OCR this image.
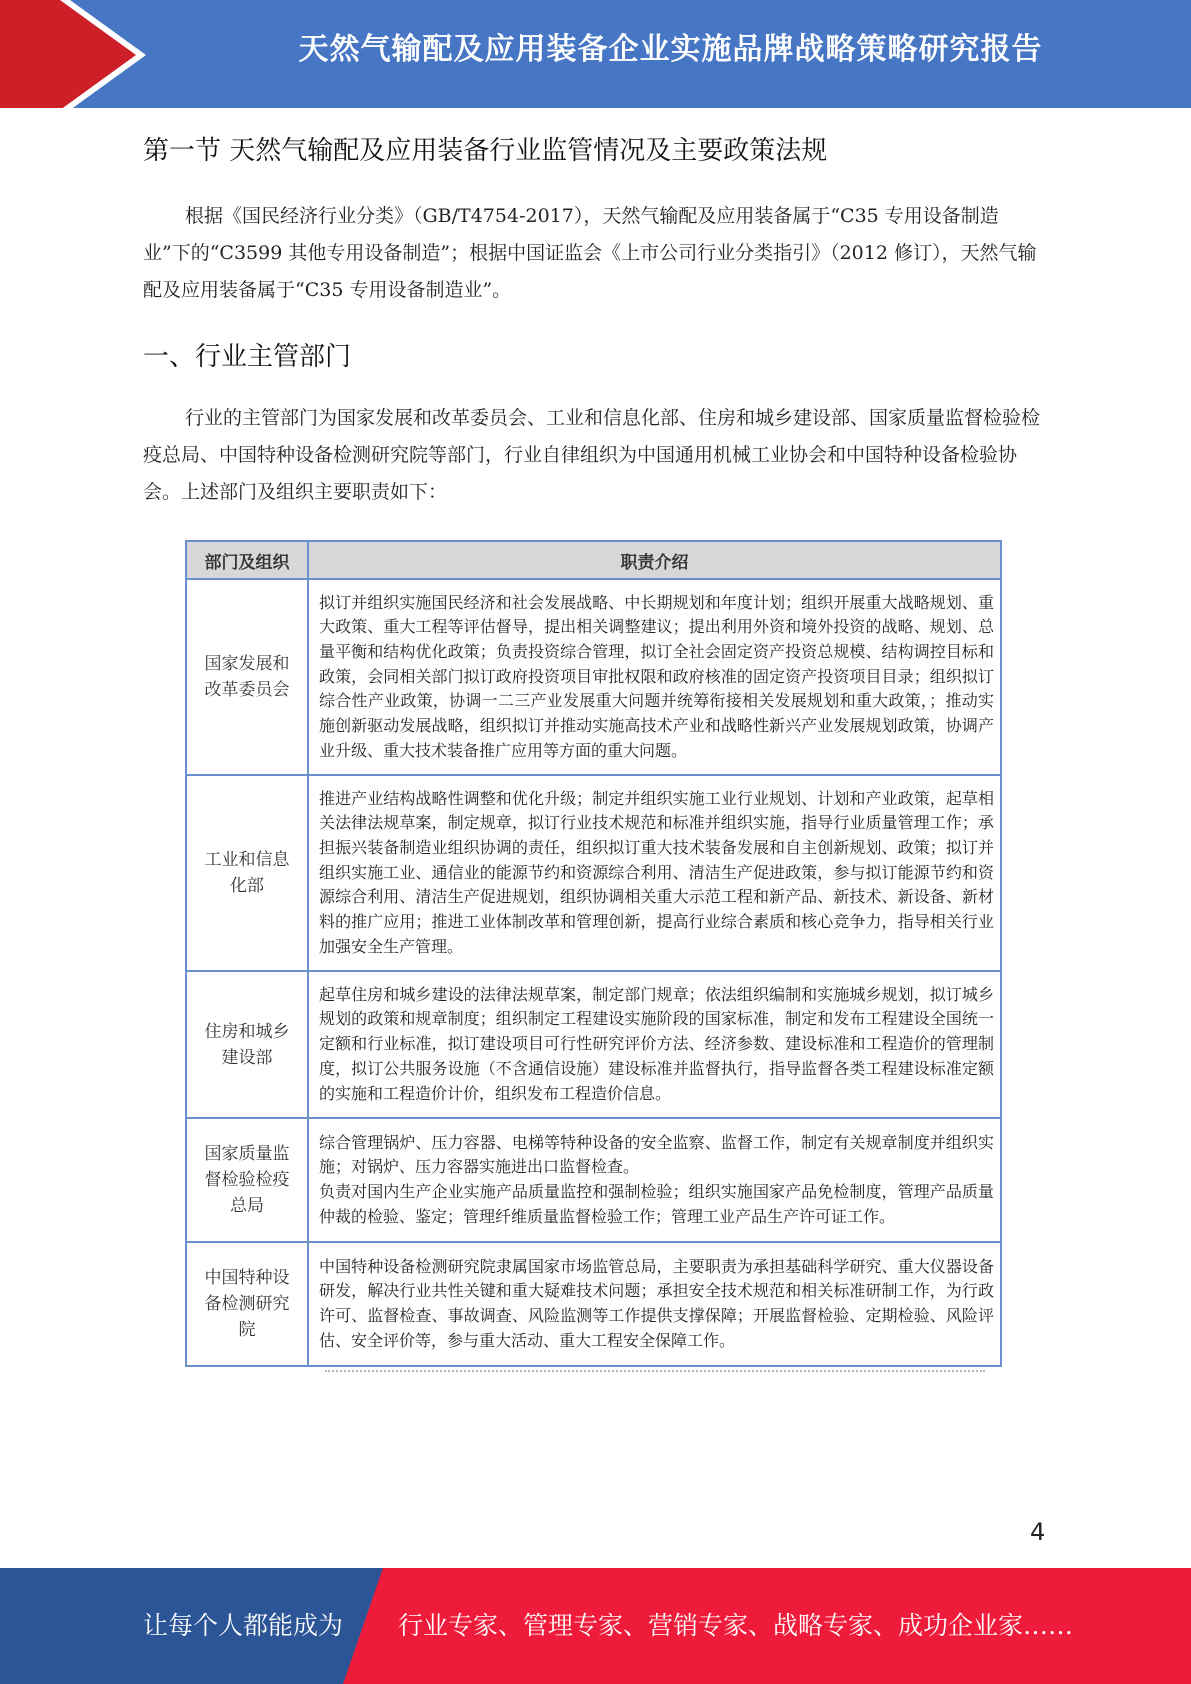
天然气输配及应用装备企业实施品牌战略策略研究报告
第一节 天然气输配及应用装备行业监管情况及主要政策法规
根据《国民经济行业分类》（GB/T4754-2017），天然气输配及应用装备属于“C35 专用设备制造业”下的“C3599 其他专用设备制造”；根据中国证监会《上市公司行业分类指引》（2012 修订），天然气输配及应用装备属于“C35 专用设备制造业”。
一、行业主管部门
行业的主管部门为国家发展和改革委员会、工业和信息化部、住房和城乡建设部、国家质量监督检验检疫总局、中国特种设备检测研究院等部门，行业自律组织为中国通用机械工业协会和中国特种设备检验协会。上述部门及组织主要职责如下：
部门及组织	职责介绍
国家发展和改革委员会	拟订并组织实施国民经济和社会发展战略、中长期规划和年度计划；组织开展重大战略规划、重大政策、重大工程等评估督导，提出相关调整建议；提出利用外资和境外投资的战略、规划、总量平衡和结构优化政策；负责投资综合管理，拟订全社会固定资产投资总规模、结构调控目标和政策，会同相关部门拟订政府投资项目审批权限和政府核准的固定资产投资项目目录；组织拟订综合性产业政策，协调一二三产业发展重大问题并统筹衔接相关发展规划和重大政策，；推动实施创新驱动发展战略，组织拟订并推动实施高技术产业和战略性新兴产业发展规划政策，协调产业升级、重大技术装备推广应用等方面的重大问题。
工业和信息化部	推进产业结构战略性调整和优化升级；制定并组织实施工业行业规划、计划和产业政策，起草相关法律法规草案，制定规章，拟订行业技术规范和标准并组织实施，指导行业质量管理工作；承担振兴装备制造业组织协调的责任，组织拟订重大技术装备发展和自主创新规划、政策；拟订并组织实施工业、通信业的能源节约和资源综合利用、清洁生产促进政策，参与拟订能源节约和资源综合利用、清洁生产促进规划，组织协调相关重大示范工程和新产品、新技术、新设备、新材料的推广应用；推进工业体制改革和管理创新，提高行业综合素质和核心竞争力，指导相关行业加强安全生产管理。
住房和城乡建设部	起草住房和城乡建设的法律法规草案，制定部门规章；依法组织编制和实施城乡规划，拟订城乡规划的政策和规章制度；组织制定工程建设实施阶段的国家标准，制定和发布工程建设全国统一定额和行业标准，拟订建设项目可行性研究评价方法、经济参数、建设标准和工程造价的管理制度，拟订公共服务设施（不含通信设施）建设标准并监督执行，指导监督各类工程建设标准定额的实施和工程造价计价，组织发布工程造价信息。
国家质量监督检验检疫总局	综合管理锅炉、压力容器、电梯等特种设备的安全监察、监督工作，制定有关规章制度并组织实施；对锅炉、压力容器实施进出口监督检查。
负责对国内生产企业实施产品质量监控和强制检验；组织实施国家产品免检制度，管理产品质量仲裁的检验、鉴定；管理纤维质量监督检验工作；管理工业产品生产许可证工作。
中国特种设备检测研究院	中国特种设备检测研究院隶属国家市场监管总局，主要职责为承担基础科学研究、重大仪器设备研发，解决行业共性关键和重大疑难技术问题；承担安全技术规范和相关标准研制工作，为行政许可、监督检查、事故调查、风险监测等工作提供支撑保障；开展监督检验、定期检验、风险评估、安全评价等，参与重大活动、重大工程安全保障工作。
4
让每个人都能成为 行业专家、管理专家、营销专家、战略专家、成功企业家……
